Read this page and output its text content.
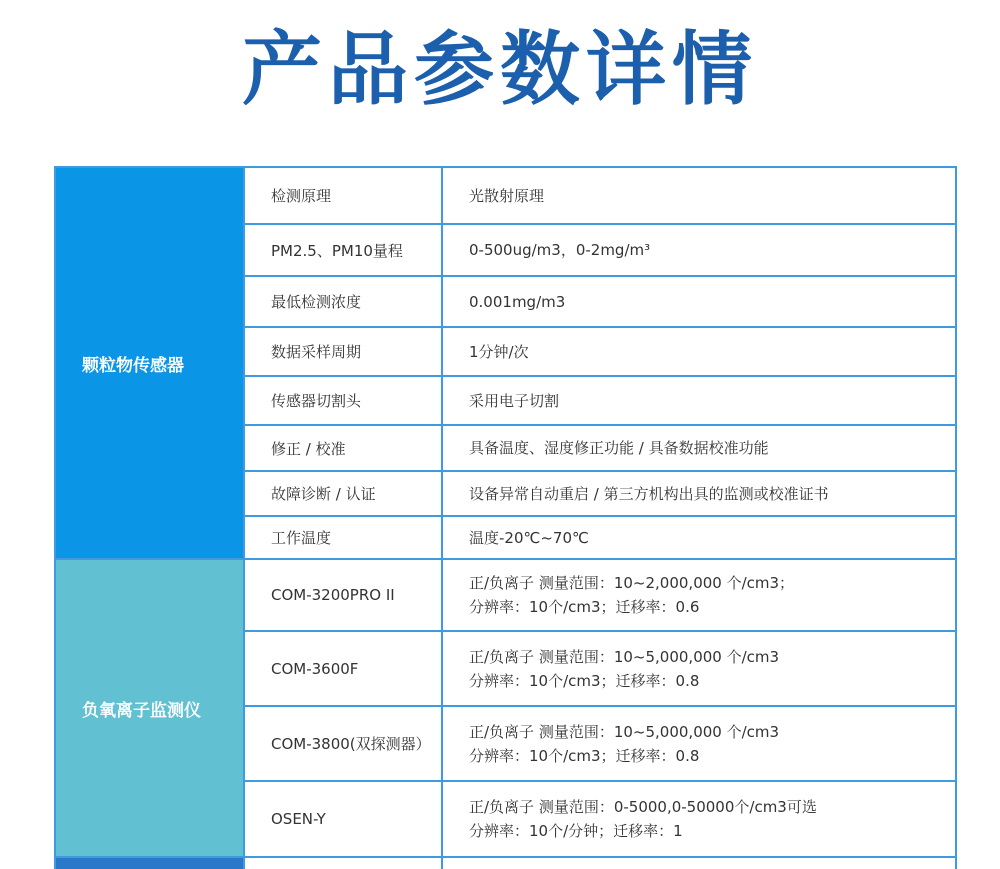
产品参数详情
颗粒物传感器	检测原理	光散射原理

	PM2.5、PM10量程	0-500ug/m3，0-2mg/m³

	最低检测浓度	0.001mg/m3

	数据采样周期	1分钟/次

	传感器切割头	采用电子切割

	修正 / 校准	具备温度、湿度修正功能 / 具备数据校准功能

	故障诊断 / 认证	设备异常自动重启 / 第三方机构出具的监测或校准证书

	工作温度	温度-20℃~70℃

负氧离子监测仪	COM-3200PRO II	正/负离子 测量范围：10~2,000,000 个/cm3；
分辨率：10个/cm3；迁移率：0.6

	COM-3600F	正/负离子 测量范围：10~5,000,000 个/cm3
分辨率：10个/cm3；迁移率：0.8

	COM-3800(双探测器）	正/负离子 测量范围：10~5,000,000 个/cm3
分辨率：10个/cm3；迁移率：0.8

	OSEN-Y	正/负离子 测量范围：0-5000,0-50000个/cm3可选
分辨率：10个/分钟；迁移率：1
